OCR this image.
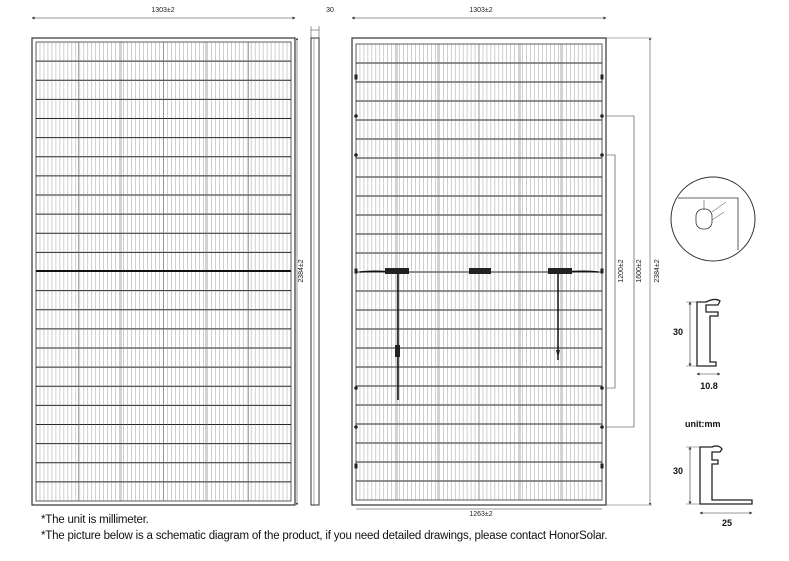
1303±2
2384±2
30	1303±2
1263±2
1200±2 1600±2 2384±2
30
10.8
unit:mm
30
25
*The unit is millimeter.
*The picture below is a schematic diagram of the product, if you need detailed drawings, please contact HonorSolar.
